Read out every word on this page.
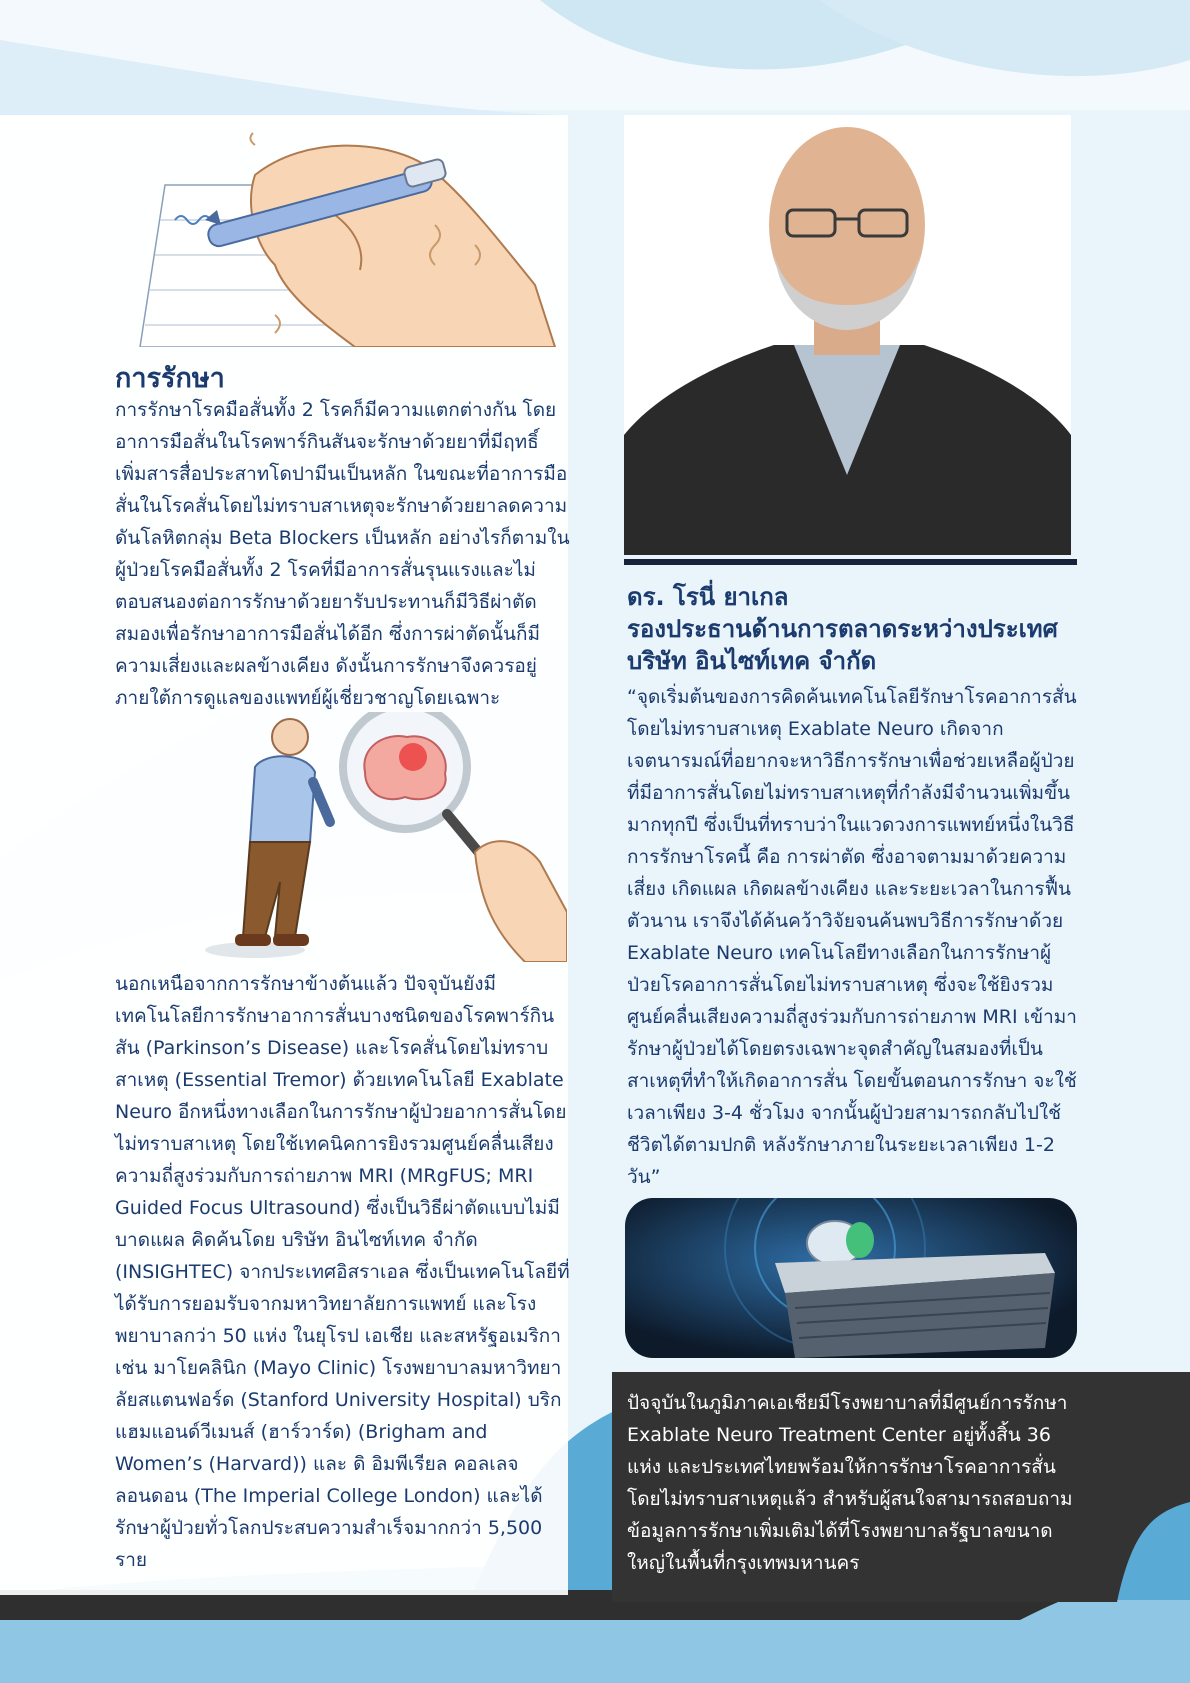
การรักษา
การรักษาโรคมือสั่นทั้ง 2 โรคก็มีความแตกต่างกัน โดยอาการมือสั่นในโรคพาร์กินสันจะรักษาด้วยยาที่มีฤทธิ์เพิ่มสารสื่อประสาทโดปามีนเป็นหลัก ในขณะที่อาการมือสั่นในโรคสั่นโดยไม่ทราบสาเหตุจะรักษาด้วยยาลดความดันโลหิตกลุ่ม Beta Blockers เป็นหลัก อย่างไรก็ตามในผู้ป่วยโรคมือสั่นทั้ง 2 โรคที่มีอาการสั่นรุนแรงและไม่ตอบสนองต่อการรักษาด้วยยารับประทานก็มีวิธีผ่าตัดสมองเพื่อรักษาอาการมือสั่นได้อีก ซึ่งการผ่าตัดนั้นก็มีความเสี่ยงและผลข้างเคียง ดังนั้นการรักษาจึงควรอยู่ภายใต้การดูแลของแพทย์ผู้เชี่ยวชาญโดยเฉพาะ
นอกเหนือจากการรักษาข้างต้นแล้ว ปัจจุบันยังมีเทคโนโลยีการรักษาอาการสั่นบางชนิดของโรคพาร์กินสัน (Parkinson’s Disease) และโรคสั่นโดยไม่ทราบสาเหตุ (Essential Tremor) ด้วยเทคโนโลยี Exablate Neuro อีกหนึ่งทางเลือกในการรักษาผู้ป่วยอาการสั่นโดยไม่ทราบสาเหตุ โดยใช้เทคนิคการยิงรวมศูนย์คลื่นเสียงความถี่สูงร่วมกับการถ่ายภาพ MRI (MRgFUS; MRI Guided Focus Ultrasound) ซึ่งเป็นวิธีผ่าตัดแบบไม่มีบาดแผล คิดค้นโดย บริษัท อินไซท์เทค จำกัด (INSIGHTEC) จากประเทศอิสราเอล ซึ่งเป็นเทคโนโลยีที่ได้รับการยอมรับจากมหาวิทยาลัยการแพทย์ และโรงพยาบาลกว่า 50 แห่ง ในยุโรป เอเชีย และสหรัฐอเมริกา เช่น มาโยคลินิก (Mayo Clinic) โรงพยาบาลมหาวิทยาลัยสแตนฟอร์ด (Stanford University Hospital) บริกแฮมแอนด์วีเมนส์ (ฮาร์วาร์ด) (Brigham and Women’s (Harvard)) และ ดิ อิมพีเรียล คอลเลจ ลอนดอน (The Imperial College London) และได้รักษาผู้ป่วยทั่วโลกประสบความสำเร็จมากกว่า 5,500 ราย
ดร. โรนี่ ยาเกล
รองประธานด้านการตลาดระหว่างประเทศ
บริษัท อินไซท์เทค จำกัด
“จุดเริ่มต้นของการคิดค้นเทคโนโลยีรักษาโรคอาการสั่นโดยไม่ทราบสาเหตุ Exablate Neuro เกิดจากเจตนารมณ์ที่อยากจะหาวิธีการรักษาเพื่อช่วยเหลือผู้ป่วยที่มีอาการสั่นโดยไม่ทราบสาเหตุที่กำลังมีจำนวนเพิ่มขึ้นมากทุกปี ซึ่งเป็นที่ทราบว่าในแวดวงการแพทย์หนึ่งในวิธีการรักษาโรคนี้ คือ การผ่าตัด ซึ่งอาจตามมาด้วยความเสี่ยง เกิดแผล เกิดผลข้างเคียง และระยะเวลาในการฟื้นตัวนาน เราจึงได้ค้นคว้าวิจัยจนค้นพบวิธีการรักษาด้วย Exablate Neuro เทคโนโลยีทางเลือกในการรักษาผู้ป่วยโรคอาการสั่นโดยไม่ทราบสาเหตุ ซึ่งจะใช้ยิงรวมศูนย์คลื่นเสียงความถี่สูงร่วมกับการถ่ายภาพ MRI เข้ามารักษาผู้ป่วยได้โดยตรงเฉพาะจุดสำคัญในสมองที่เป็นสาเหตุที่ทำให้เกิดอาการสั่น โดยขั้นตอนการรักษา จะใช้เวลาเพียง 3-4 ชั่วโมง จากนั้นผู้ป่วยสามารถกลับไปใช้ชีวิตได้ตามปกติ หลังรักษาภายในระยะเวลาเพียง 1-2 วัน”
ปัจจุบันในภูมิภาคเอเชียมีโรงพยาบาลที่มีศูนย์การรักษา Exablate Neuro Treatment Center อยู่ทั้งสิ้น 36 แห่ง และประเทศไทยพร้อมให้การรักษาโรคอาการสั่นโดยไม่ทราบสาเหตุแล้ว สำหรับผู้สนใจสามารถสอบถามข้อมูลการรักษาเพิ่มเติมได้ที่โรงพยาบาลรัฐบาลขนาดใหญ่ในพื้นที่กรุงเทพมหานคร
